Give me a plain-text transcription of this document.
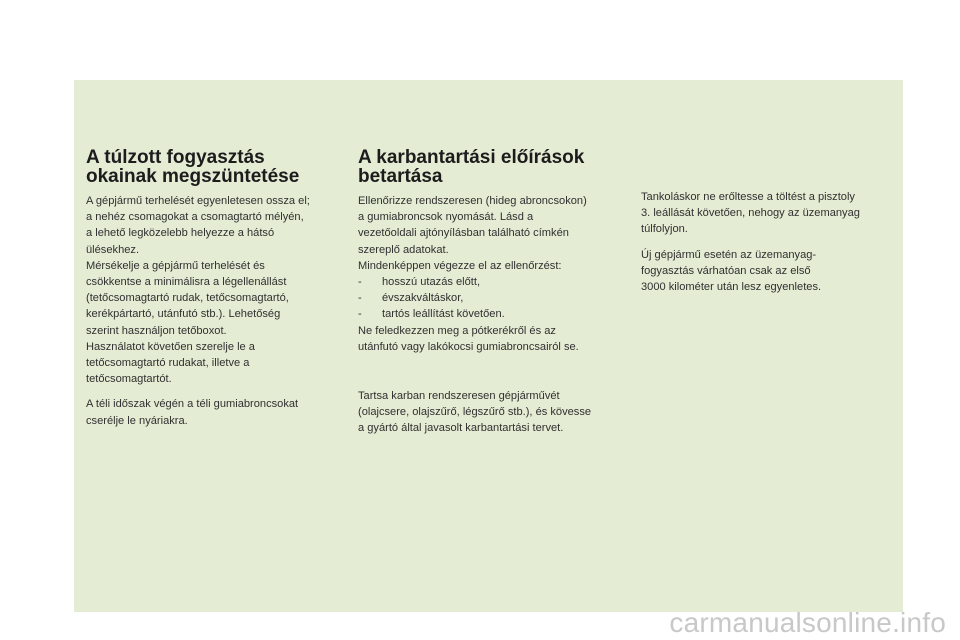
A túlzott fogyasztás
okainak megszüntetése

A gépjármű terhelését egyenletesen ossza el;
a nehéz csomagokat a csomagtartó mélyén,
a lehető legközelebb helyezze a hátsó
ülésekhez.
Mérsékelje a gépjármű terhelését és
csökkentse a minimálisra a légellenállást
(tetőcsomagtartó rudak, tetőcsomagtartó,
kerékpártartó, utánfutó stb.). Lehetőség
szerint használjon tetőboxot.
Használatot követően szerelje le a
tetőcsomagtartó rudakat, illetve a
tetőcsomagtartót.

A téli időszak végén a téli gumiabroncsokat
cserélje le nyáriakra.

A karbantartási előírások
betartása

Ellenőrizze rendszeresen (hideg abroncsokon)
a gumiabroncsok nyomását. Lásd a
vezetőoldali ajtónyílásban található címkén
szereplő adatokat.
Mindenképpen végezze el az ellenőrzést:

- hosszú utazás előtt,
- évszakváltáskor,
- tartós leállítást követően.

Ne feledkezzen meg a pótkerékről és az
utánfutó vagy lakókocsi gumiabroncsairól se.

Tartsa karban rendszeresen gépjárművét
(olajcsere, olajszűrő, légszűrő stb.), és kövesse
a gyártó által javasolt karbantartási tervet.

Tankoláskor ne erőltesse a töltést a pisztoly
3. leállását követően, nehogy az üzemanyag
túlfolyjon.

Új gépjármű esetén az üzemanyag-
fogyasztás várhatóan csak az első
3000 kilométer után lesz egyenletes.

carmanualsonline.info
